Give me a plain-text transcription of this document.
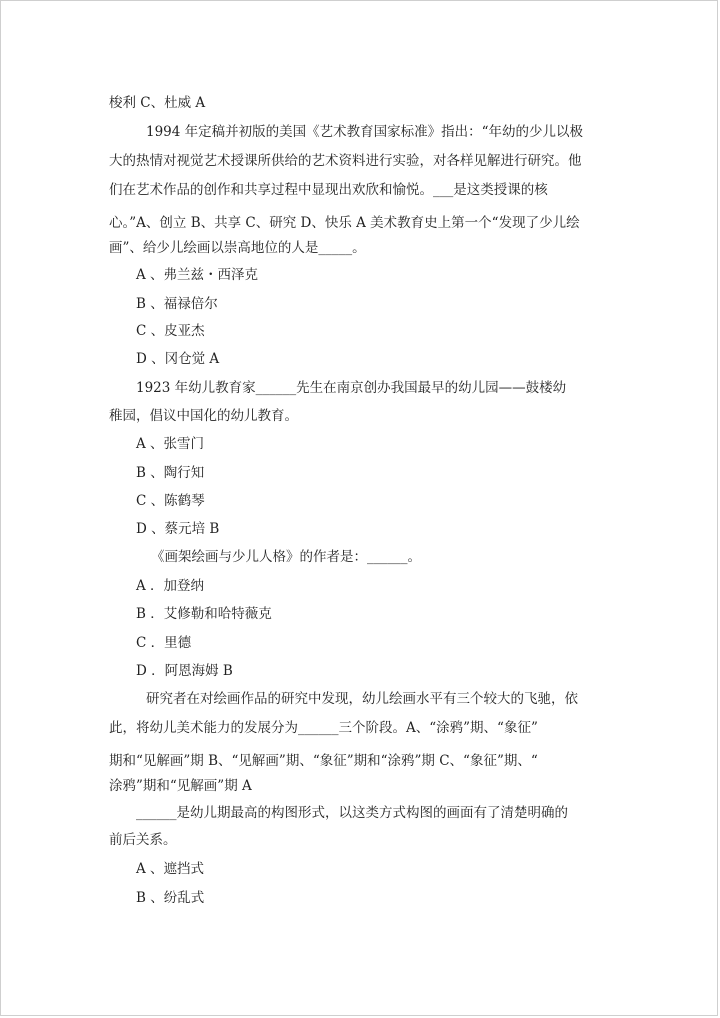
梭利 C、杜威 A
1994 年定稿并初版的美国《艺术教育国家标准》指出：“年幼的少儿以极
大的热情对视觉艺术授课所供给的艺术资料进行实验，对各样见解进行研究。他
们在艺术作品的创作和共享过程中显现出欢欣和愉悦。___是这类授课的核
心。”A、创立 B、共享 C、研究 D、快乐 A 美术教育史上第一个“发现了少儿绘
画”、给少儿绘画以崇高地位的人是_____。
A 、弗兰兹・西泽克
B 、福禄倍尔
C 、皮亚杰
D 、冈仓觉 A
1923 年幼儿教育家______先生在南京创办我国最早的幼儿园——鼓楼幼
稚园，倡议中国化的幼儿教育。
A 、张雪门
B 、陶行知
C 、陈鹤琴
D 、蔡元培 B
《画架绘画与少儿人格》的作者是：______。
A ．加登纳
B ．艾修勒和哈特薇克
C ．里德
D ．阿恩海姆 B
研究者在对绘画作品的研究中发现，幼儿绘画水平有三个较大的飞驰，依
此，将幼儿美术能力的发展分为______三个阶段。A、“涂鸦”期、“象征”
期和“见解画”期 B、“见解画”期、“象征”期和“涂鸦”期 C、“象征”期、“
涂鸦”期和“见解画”期 A
______是幼儿期最高的构图形式，以这类方式构图的画面有了清楚明确的
前后关系。
A 、遮挡式
B 、纷乱式
